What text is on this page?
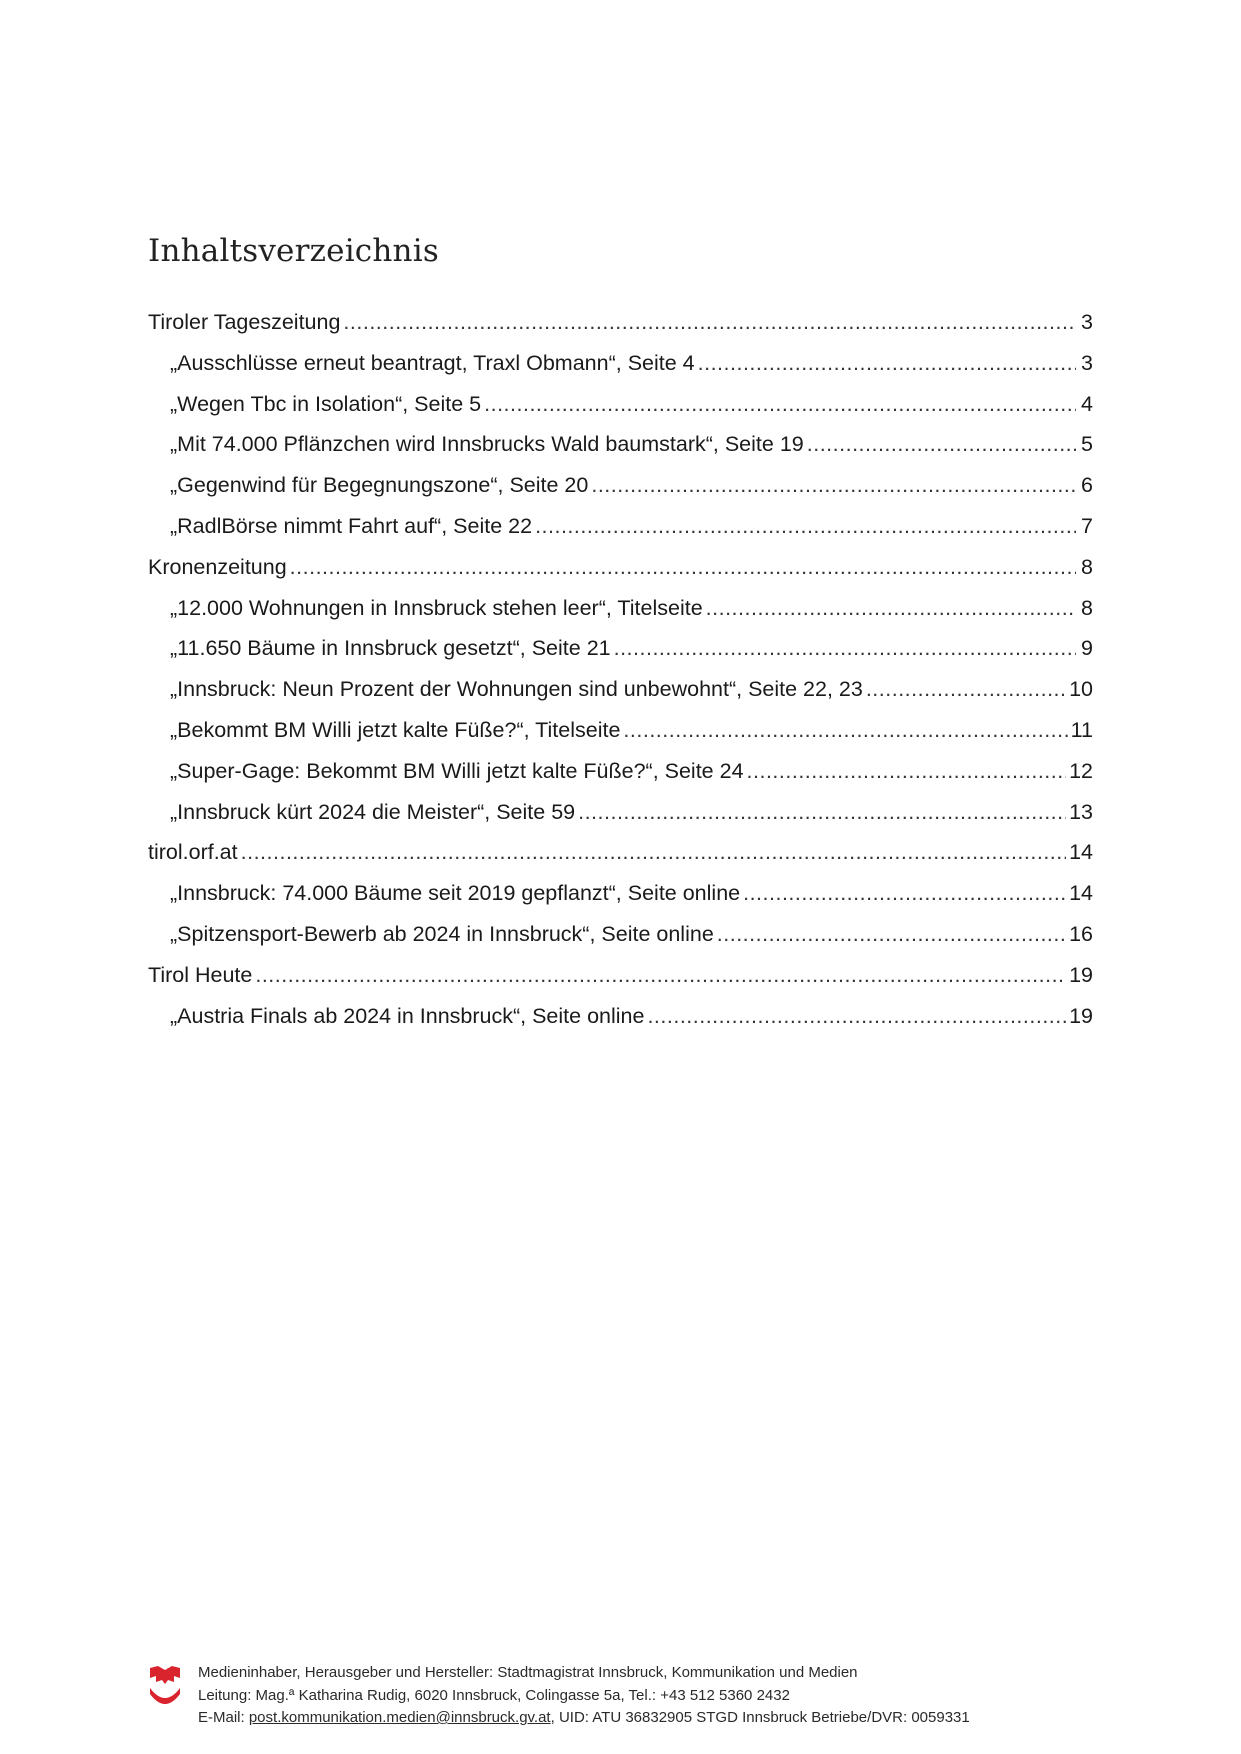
Inhaltsverzeichnis
Tiroler Tageszeitung .....	3
„Ausschlüsse erneut beantragt, Traxl Obmann“, Seite 4 .....	3
„Wegen Tbc in Isolation“, Seite 5 .....	4
„Mit 74.000 Pflänzchen wird Innsbrucks Wald baumstark“, Seite 19 .....	5
„Gegenwind für Begegnungszone“, Seite 20 .....	6
„RadlBörse nimmt Fahrt auf“, Seite 22 .....	7
Kronenzeitung .....	8
„12.000 Wohnungen in Innsbruck stehen leer“, Titelseite .....	8
„11.650 Bäume in Innsbruck gesetzt“, Seite 21 .....	9
„Innsbruck: Neun Prozent der Wohnungen sind unbewohnt“, Seite 22, 23 .....	10
„Bekommt BM Willi jetzt kalte Füße?“, Titelseite .....	11
„Super-Gage: Bekommt BM Willi jetzt kalte Füße?“, Seite 24 .....	12
„Innsbruck kürt 2024 die Meister“, Seite 59 .....	13
tirol.orf.at .....	14
„Innsbruck: 74.000 Bäume seit 2019 gepflanzt“, Seite online .....	14
„Spitzensport-Bewerb ab 2024 in Innsbruck“, Seite online .....	16
Tirol Heute .....	19
„Austria Finals ab 2024 in Innsbruck“, Seite online .....	19
Medieninhaber, Herausgeber und Hersteller: Stadtmagistrat Innsbruck, Kommunikation und Medien
Leitung: Mag.ª Katharina Rudig, 6020 Innsbruck, Colingasse 5a, Tel.: +43 512 5360 2432
E-Mail: post.kommunikation.medien@innsbruck.gv.at, UID: ATU 36832905 STGD Innsbruck Betriebe/DVR: 0059331
